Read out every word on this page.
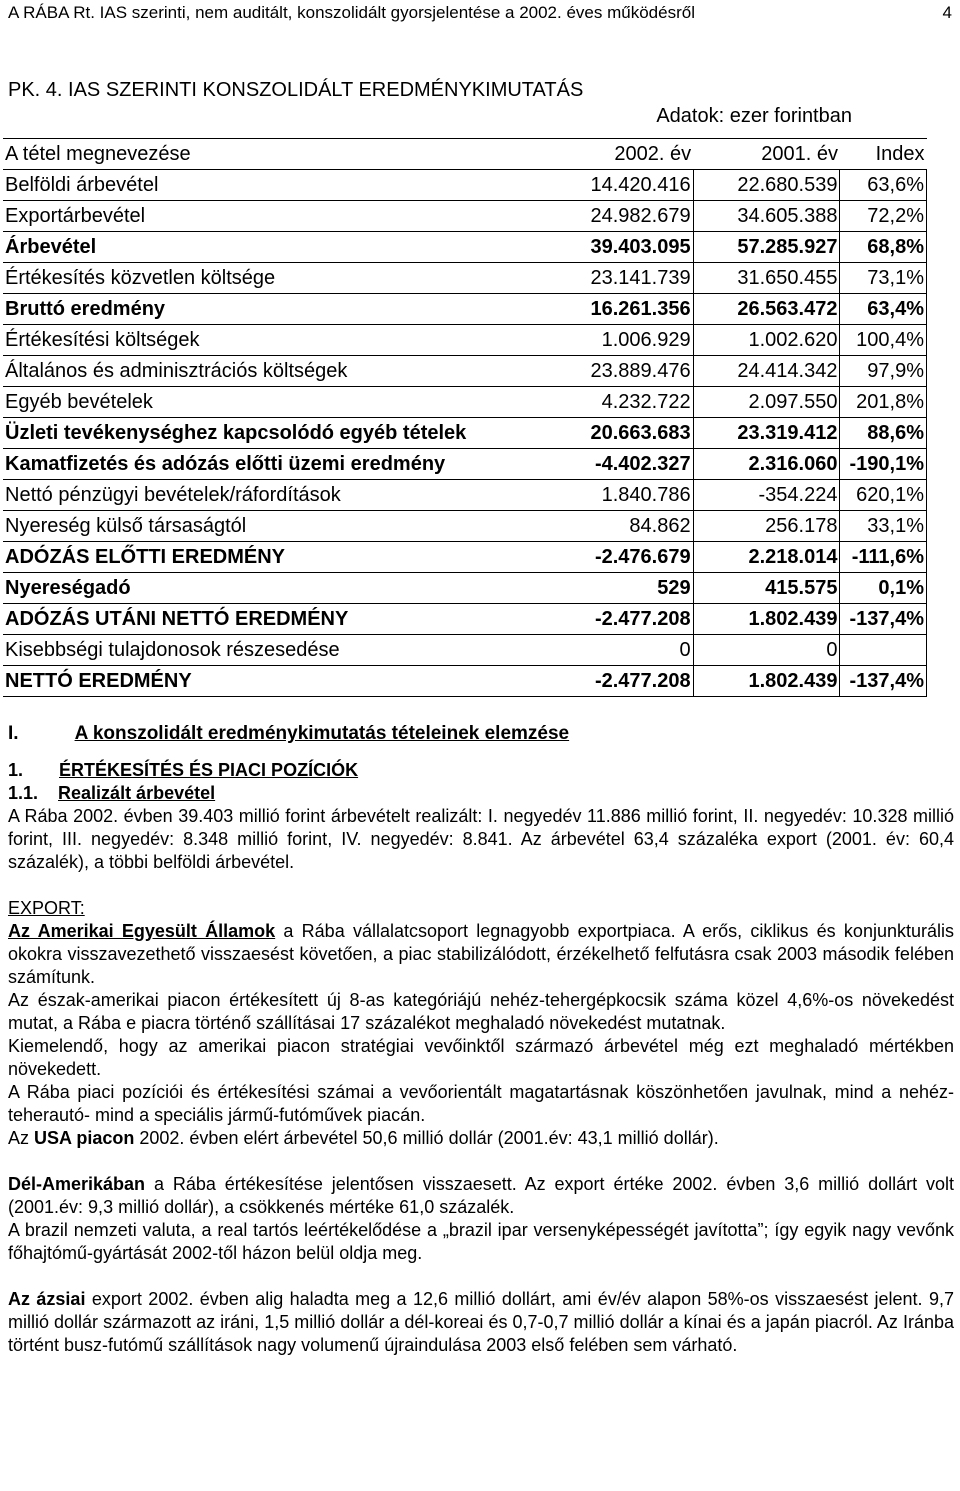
A RÁBA Rt. IAS szerinti, nem auditált, konszolidált gyorsjelentése a 2002. éves működésről	4
PK. 4. IAS SZERINTI KONSZOLIDÁLT EREDMÉNYKIMUTATÁS
Adatok: ezer forintban
A tétel megnevezése	2002. év	2001. év	Index
Belföldi árbevétel	14.420.416	22.680.539	63,6%
Exportárbevétel	24.982.679	34.605.388	72,2%
Árbevétel	39.403.095	57.285.927	68,8%
Értékesítés közvetlen költsége	23.141.739	31.650.455	73,1%
Bruttó eredmény	16.261.356	26.563.472	63,4%
Értékesítési költségek	1.006.929	1.002.620	100,4%
Általános és adminisztrációs költségek	23.889.476	24.414.342	97,9%
Egyéb bevételek	4.232.722	2.097.550	201,8%
Üzleti tevékenységhez kapcsolódó egyéb tételek	20.663.683	23.319.412	88,6%
Kamatfizetés és adózás előtti üzemi eredmény	-4.402.327	2.316.060	-190,1%
Nettó pénzügyi bevételek/ráfordítások	1.840.786	-354.224	620,1%
Nyereség külső társaságtól	84.862	256.178	33,1%
ADÓZÁS ELŐTTI EREDMÉNY	-2.476.679	2.218.014	-111,6%
Nyereségadó	529	415.575	0,1%
ADÓZÁS UTÁNI NETTÓ EREDMÉNY	-2.477.208	1.802.439	-137,4%
Kisebbségi tulajdonosok részesedése	0	0	
NETTÓ EREDMÉNY	-2.477.208	1.802.439	-137,4%

I.	A konszolidált eredménykimutatás tételeinek elemzése

1. ÉRTÉKESÍTÉS ÉS PIACI POZÍCIÓK

1.1. Realizált árbevétel

A Rába 2002. évben 39.403 millió forint árbevételt realizált: I. negyedév 11.886 millió forint, II. negyedév: 10.328 millió forint, III. negyedév: 8.348 millió forint, IV. negyedév: 8.841. Az árbevétel 63,4 százaléka export (2001. év: 60,4 százalék), a többi belföldi árbevétel.

EXPORT:

Az Amerikai Egyesült Államok a Rába vállalatcsoport legnagyobb exportpiaca. A erős, ciklikus és konjunkturális okokra visszavezethető visszaesést követően, a piac stabilizálódott, érzékelhető felfutásra csak 2003 második felében számítunk.

Az észak-amerikai piacon értékesített új 8-as kategóriájú nehéz-tehergépkocsik száma közel 4,6%-os növekedést mutat, a Rába e piacra történő szállításai 17 százalékot meghaladó növekedést mutatnak.

Kiemelendő, hogy az amerikai piacon stratégiai vevőinktől származó árbevétel még ezt meghaladó mértékben növekedett.

A Rába piaci pozíciói és értékesítési számai a vevőorientált magatartásnak köszönhetően javulnak, mind a nehéz-teherautó- mind a speciális jármű-futóművek piacán.

Az USA piacon 2002. évben elért árbevétel 50,6 millió dollár (2001.év: 43,1 millió dollár).

Dél-Amerikában a Rába értékesítése jelentősen visszaesett. Az export értéke 2002. évben 3,6 millió dollárt volt (2001.év: 9,3 millió dollár), a csökkenés mértéke 61,0 százalék.

A brazil nemzeti valuta, a real tartós leértékelődése a „brazil ipar versenyképességét javította”; így egyik nagy vevőnk főhajtómű-gyártását 2002-től házon belül oldja meg.

Az ázsiai export 2002. évben alig haladta meg a 12,6 millió dollárt, ami év/év alapon 58%-os visszaesést jelent. 9,7 millió dollár származott az iráni, 1,5 millió dollár a dél-koreai és 0,7-0,7 millió dollár a kínai és a japán piacról. Az Iránba történt busz-futómű szállítások nagy volumenű újraindulása 2003 első felében sem várható.
